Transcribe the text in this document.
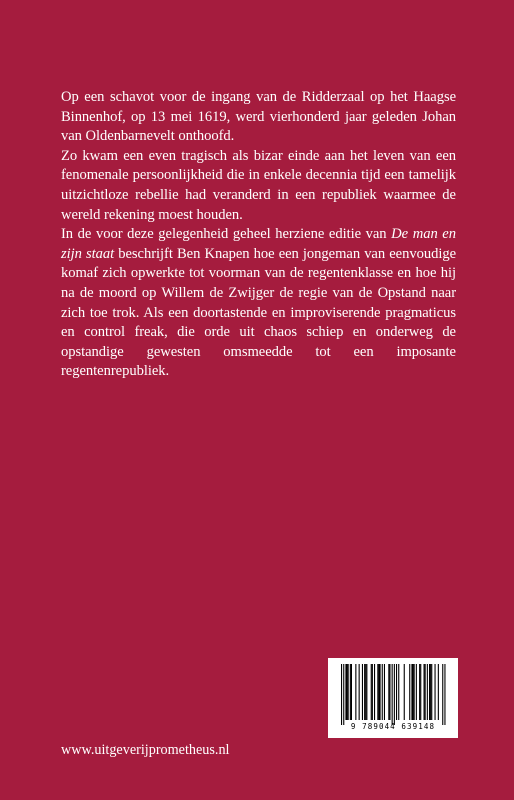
Op een schavot voor de ingang van de Ridderzaal op het Haagse Binnenhof, op 13 mei 1619, werd vierhonderd jaar geleden Johan van Oldenbarnevelt onthoofd.

Zo kwam een even tragisch als bizar einde aan het leven van een fenomenale persoonlijkheid die in enkele decennia tijd een tamelijk uitzichtloze rebellie had veranderd in een republiek waarmee de wereld rekening moest houden.

In de voor deze gelegenheid geheel herziene editie van De man en zijn staat beschrijft Ben Knapen hoe een jongeman van eenvoudige komaf zich opwerkte tot voorman van de regentenklasse en hoe hij na de moord op Willem de Zwijger de regie van de Opstand naar zich toe trok. Als een doortastende en improviserende pragmaticus en control freak, die orde uit chaos schiep en onderweg de opstandige gewesten omsmeedde tot een imposante regentenrepubliek.

9 789044 639148
www.uitgeverijprometheus.nl
